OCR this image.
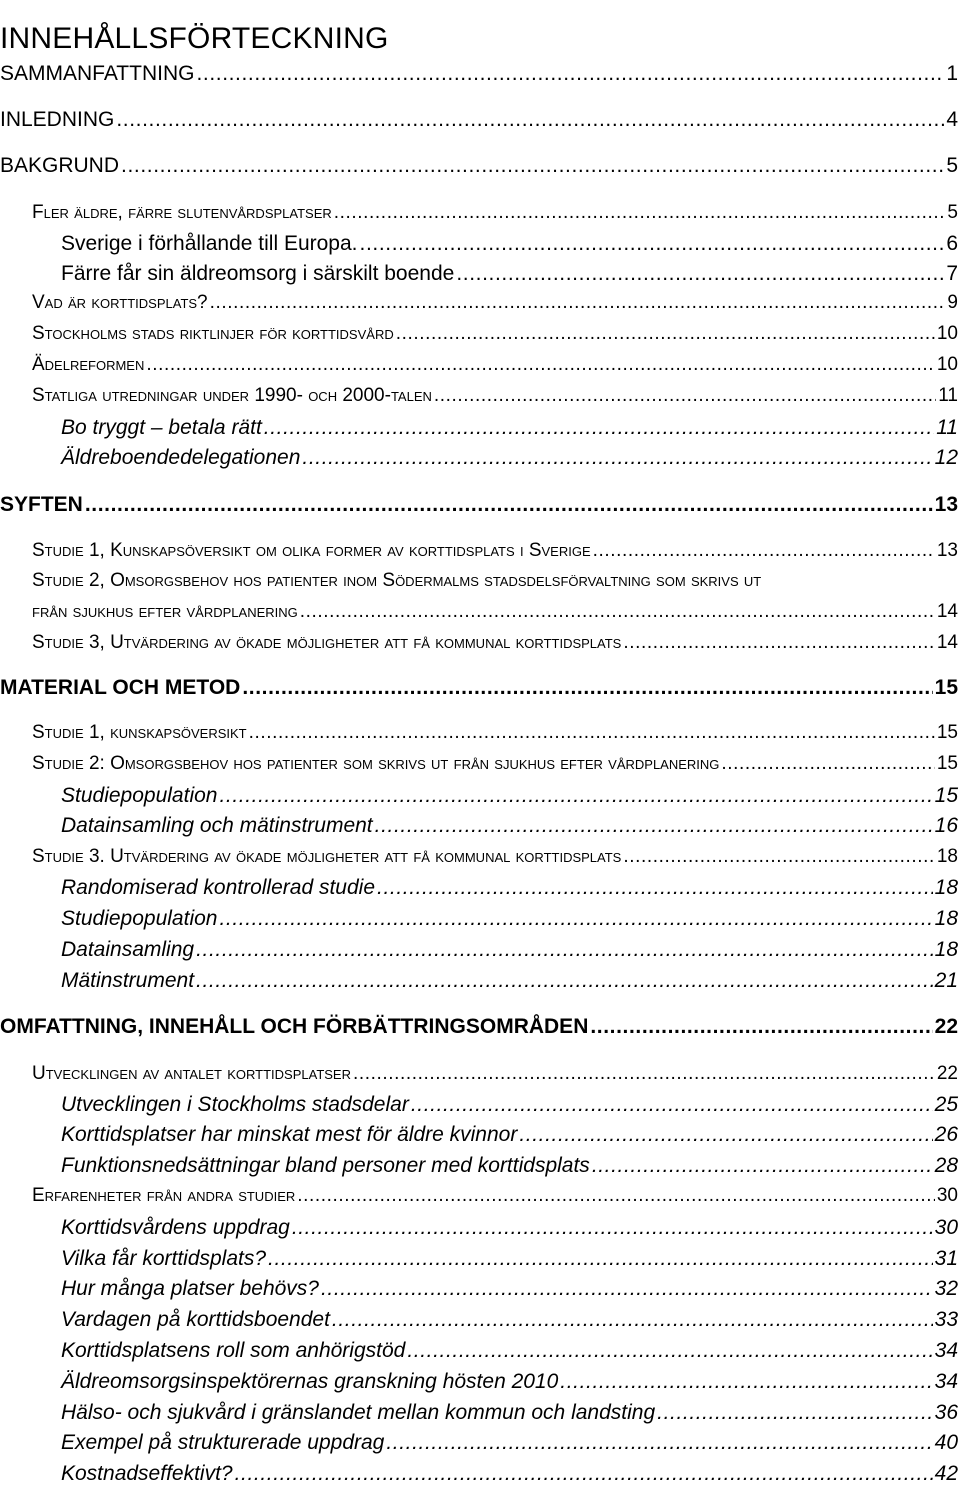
INNEHÅLLSFÖRTECKNING
SAMMANFATTNING .....	1
INLEDNING .....	4
BAKGRUND .....	5
Fler äldre, färre slutenvårdsplatser .....	5
Sverige i förhållande till Europa. .....	6
Färre får sin äldreomsorg i särskilt boende .....	7
Vad är korttidsplats? .....	9
Stockholms stads riktlinjer för korttidsvård .....	10
Ädelreformen .....	10
Statliga utredningar under 1990- och 2000-talen .....	11
Bo tryggt – betala rätt .....	11
Äldreboendedelegationen .....	12
SYFTEN .....	13
Studie 1, Kunskapsöversikt om olika former av korttidsplats i Sverige .....	13
Studie 2, Omsorgsbehov hos patienter inom Södermalms stadsdelsförvaltning som skrivs ut
från sjukhus efter vårdplanering .....	14
Studie 3, Utvärdering av ökade möjligheter att få kommunal korttidsplats .....	14
MATERIAL OCH METOD .....	15
Studie 1, kunskapsöversikt .....	15
Studie 2: Omsorgsbehov hos patienter som skrivs ut från sjukhus efter vårdplanering .....	15
Studiepopulation .....	15
Datainsamling och mätinstrument .....	16
Studie 3. Utvärdering av ökade möjligheter att få kommunal korttidsplats .....	18
Randomiserad kontrollerad studie .....	18
Studiepopulation .....	18
Datainsamling .....	18
Mätinstrument .....	21
OMFATTNING, INNEHÅLL OCH FÖRBÄTTRINGSOMRÅDEN .....	22
Utvecklingen av antalet korttidsplatser .....	22
Utvecklingen i Stockholms stadsdelar .....	25
Korttidsplatser har minskat mest för äldre kvinnor .....	26
Funktionsnedsättningar bland personer med korttidsplats .....	28
Erfarenheter från andra studier .....	30
Korttidsvårdens uppdrag .....	30
Vilka får korttidsplats? .....	31
Hur många platser behövs? .....	32
Vardagen på korttidsboendet .....	33
Korttidsplatsens roll som anhörigstöd .....	34
Äldreomsorgsinspektörernas granskning hösten 2010 .....	34
Hälso- och sjukvård i gränslandet mellan kommun och landsting .....	36
Exempel på strukturerade uppdrag .....	40
Kostnadseffektivt? .....	42
